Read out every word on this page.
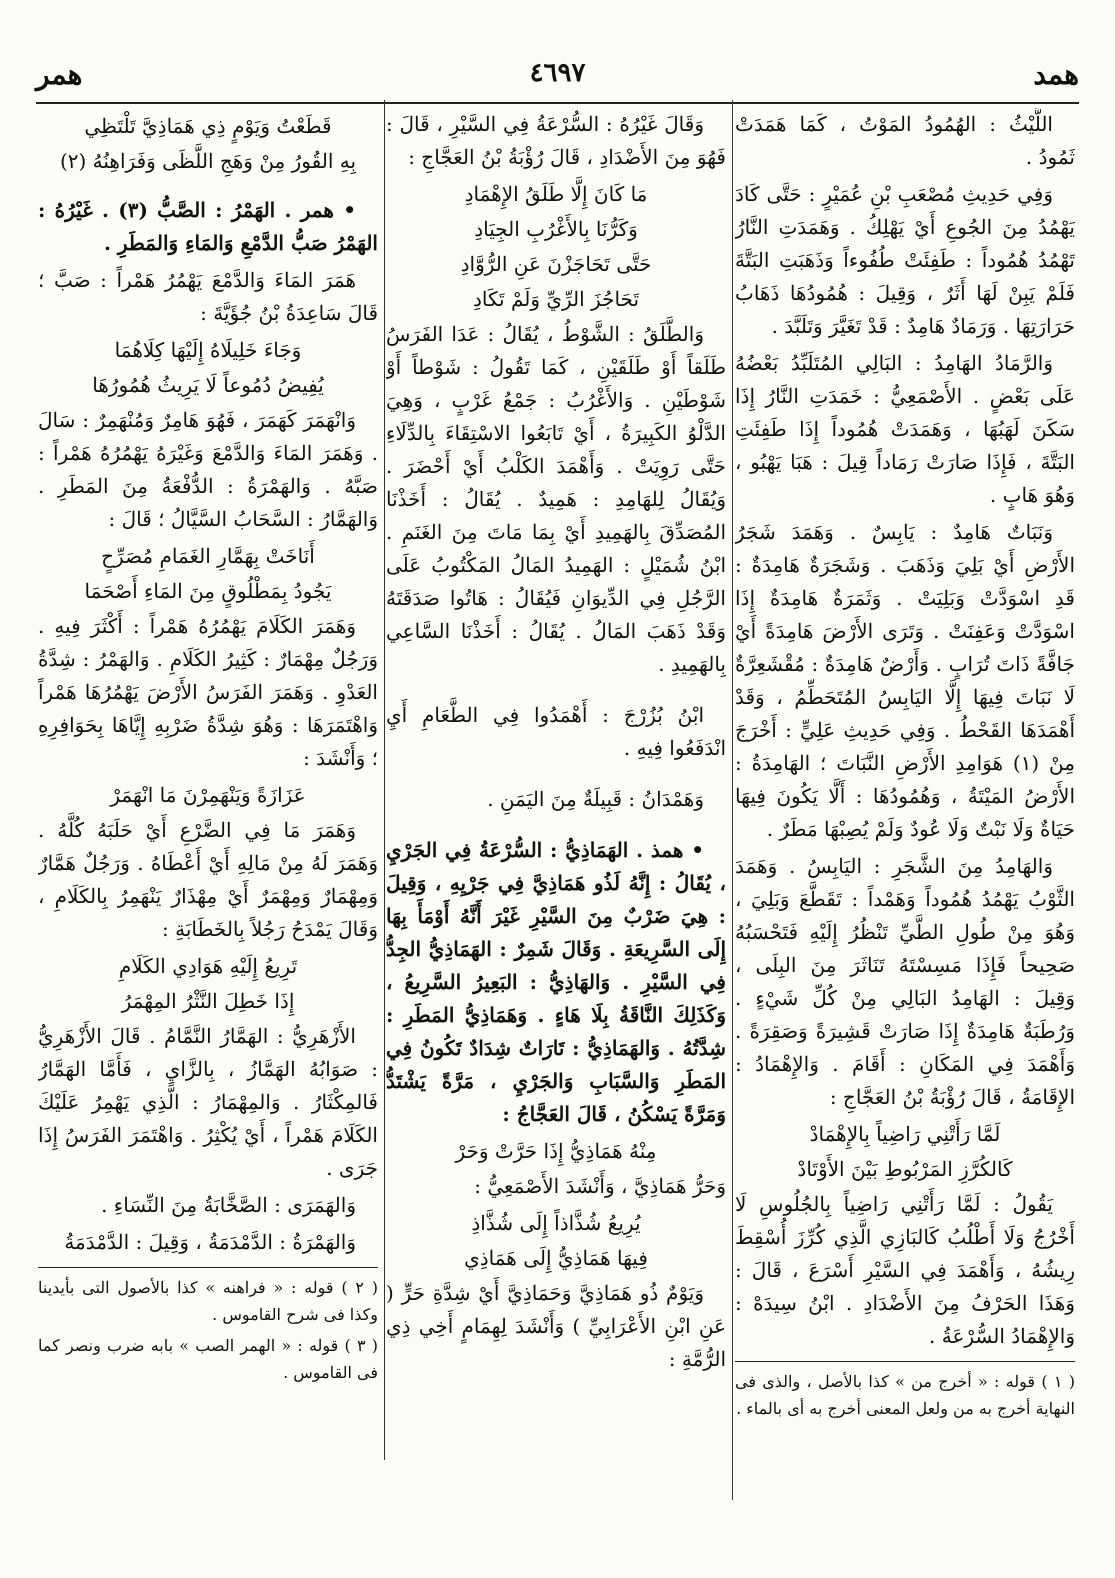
همد
٤٦٩٧
همر

اللَّيْثُ : الهُمُودُ المَوْتُ ، كَمَا هَمَدَتْ ثَمُودُ .

وَفِي حَدِيثِ مُصْعَبِ بْنِ عُمَيْرٍ : حَتَّى كَادَ يَهْمُدُ مِنَ الجُوعِ أَيْ يَهْلِكُ . وَهَمَدَتِ النَّارُ تَهْمُدُ هُمُوداً : طَفِئَتْ طُفُوءاً وَذَهَبَتِ البَتَّةَ فَلَمْ يَبِنْ لَهَا أَثَرٌ ، وَقِيلَ : هُمُودُهَا ذَهَابُ حَرَارَتِهَا . وَرَمَادٌ هَامِدٌ : قَدْ تَغَيَّرَ وَتَلَبَّدَ .

وَالرَّمَادُ الهَامِدُ : البَالِي المُتَلَبِّدُ بَعْضُهُ عَلَى بَعْضٍ . الأَصْمَعِيُّ : خَمَدَتِ النَّارُ إِذَا سَكَنَ لَهَبُهَا ، وَهَمَدَتْ هُمُوداً إِذَا طَفِئَتِ البَتَّةَ ، فَإِذَا صَارَتْ رَمَاداً قِيلَ : هَبَا يَهْبُو ، وَهُوَ هَابٍ .

وَنَبَاتٌ هَامِدٌ : يَابِسٌ . وَهَمَدَ شَجَرُ الأَرْضِ أَيْ بَلِيَ وَذَهَبَ . وَشَجَرَةٌ هَامِدَةٌ : قَدِ اسْوَدَّتْ وَبَلِيَتْ . وَثَمَرَةٌ هَامِدَةٌ إِذَا اسْوَدَّتْ وَعَفِنَتْ . وَتَرَى الأَرْضَ هَامِدَةً أَيْ جَافَّةً ذَاتَ تُرَابٍ . وَأَرْضٌ هَامِدَةٌ : مُقْشَعِرَّةٌ لَا نَبَاتَ فِيهَا إِلَّا اليَابِسُ المُتَحَطِّمُ ، وَقَدْ أَهْمَدَهَا القَحْطُ . وَفِي حَدِيثِ عَلِيٍّ : أَخْرَجَ مِنْ (١) هَوَامِدِ الأَرْضِ النَّبَاتَ ؛ الهَامِدَةُ : الأَرْضُ المَيْتَةُ ، وَهُمُودُهَا : أَلَّا يَكُونَ فِيهَا حَيَاةٌ وَلَا نَبْتٌ وَلَا عُودٌ وَلَمْ يُصِبْهَا مَطَرٌ .

وَالهَامِدُ مِنَ الشَّجَرِ : اليَابِسُ . وَهَمَدَ الثَّوْبُ يَهْمُدُ هُمُوداً وَهَمْداً : تَقَطَّعَ وَبَلِيَ ، وَهُوَ مِنْ طُولِ الطَّيِّ تَنْظُرُ إِلَيْهِ فَتَحْسَبُهُ صَحِيحاً فَإِذَا مَسِسْتَهُ تَنَاثَرَ مِنَ البِلَى ، وَقِيلَ : الهَامِدُ البَالِي مِنْ كُلِّ شَيْءٍ . وَرُطَبَةٌ هَامِدَةٌ إِذَا صَارَتْ قَشِيرَةً وَصَقِرَةً . وَأَهْمَدَ فِي المَكَانِ : أَقَامَ . وَالإِهْمَادُ : الإِقَامَةُ ، قَالَ رُؤْبَةُ بْنُ العَجَّاجِ :

لَمَّا رَأَتْنِي رَاضِياً بِالإِهْمَادْ
كَالكُرَّزِ المَرْبُوطِ بَيْنَ الأَوْتَادْ

يَقُولُ : لَمَّا رَأَتْنِي رَاضِياً بِالجُلُوسِ لَا أَخْرُجُ وَلَا أَطْلُبُ كَالبَازِي الَّذِي كُرِّزَ أُسْقِطَ رِيشُهُ ، وَأَهْمَدَ فِي السَّيْرِ أَسْرَعَ ، قَالَ : وَهَذَا الحَرْفُ مِنَ الأَضْدَادِ . ابْنُ سِيدَهْ : وَالإِهْمَادُ السُّرْعَةُ .

( ١ ) قوله : « أخرج من » كذا بالأصل ، والذى فى النهاية أخرج به من ولعل المعنى أخرج به أى بالماء .

وَقَالَ غَيْرُهُ : السُّرْعَةُ فِي السَّيْرِ ، قَالَ : فَهُوَ مِنَ الأَضْدَادِ ، قَالَ رُؤْبَةُ بْنُ العَجَّاجِ :

مَا كَانَ إِلَّا طَلَقُ الإِهْمَادِ
وَكَرُّنَا بِالأَغْرُبِ الجِيَادِ
حَتَّى تَحَاجَزْنَ عَنِ الرُّوَّادِ
تَحَاجُزَ الرِّيِّ وَلَمْ تَكَادِ

وَالطَّلَقُ : الشَّوْطُ ، يُقَالُ : عَدَا الفَرَسُ طَلَقاً أَوْ طَلَقَيْنِ ، كَمَا تَقُولُ : شَوْطاً أَوْ شَوْطَيْنِ . وَالأَغْرُبُ : جَمْعُ غَرْبٍ ، وَهِيَ الدَّلْوُ الكَبِيرَةُ ، أَيْ تَابَعُوا الاسْتِقَاءَ بِالدِّلَاءِ حَتَّى رَوِيَتْ . وَأَهْمَدَ الكَلْبُ أَيْ أَحْضَرَ . وَيُقَالُ لِلهَامِدِ : هَمِيدٌ . يُقَالُ : أَخَذْنَا المُصَدِّقَ بِالهَمِيدِ أَيْ بِمَا مَاتَ مِنَ الغَنَمِ . ابْنُ شُمَيْلٍ : الهَمِيدُ المَالُ المَكْتُوبُ عَلَى الرَّجُلِ فِي الدِّيوَانِ فَيُقَالُ : هَاتُوا صَدَقَتَهُ وَقَدْ ذَهَبَ المَالُ . يُقَالُ : أَخَذْنَا السَّاعِي بِالهَمِيدِ .

ابْنُ بُزُرْجَ : أَهْمَدُوا فِي الطَّعَامِ أَيِ انْدَفَعُوا فِيهِ .

وَهَمْدَانُ : قَبِيلَةٌ مِنَ اليَمَنِ .

• همذ . الهَمَاذِيُّ : السُّرْعَةُ فِي الجَرْيِ ، يُقَالُ : إِنَّهُ لَذُو هَمَاذِيَّ فِي جَرْيِهِ ، وَقِيلَ : هِيَ ضَرْبٌ مِنَ السَّيْرِ غَيْرَ أَنَّهُ أَوْمَأَ بِهَا إِلَى السَّرِيعَةِ . وَقَالَ شَمِرٌ : الهَمَاذِيُّ الجِدُّ فِي السَّيْرِ . وَالهَاذِيُّ : البَعِيرُ السَّرِيعُ ، وَكَذَلِكَ النَّاقَةُ بِلَا هَاءٍ . وَهَمَاذِيُّ المَطَرِ : شِدَّتُهُ . وَالهَمَاذِيُّ : تَارَاتٌ شِدَادٌ تَكُونُ فِي المَطَرِ وَالسَّبَابِ وَالجَرْيِ ، مَرَّةً يَشْتَدُّ وَمَرَّةً يَسْكُنُ ، قَالَ العَجَّاجُ :

مِنْهُ هَمَاذِيُّ إِذَا حَرَّتْ وَحَرْ

وَحَرُّ هَمَاذِيَّ ، وَأَنْشَدَ الأَصْمَعِيُّ :

يُرِيعُ شُذَّاذاً إِلَى شُذَّاذِ
فِيهَا هَمَاذِيُّ إِلَى هَمَاذِي

وَيَوْمٌ ذُو هَمَاذِيَّ وَحَمَاذِيَّ أَيْ شِدَّةِ حَرٍّ ( عَنِ ابْنِ الأَعْرَابِيِّ ) وَأَنْشَدَ لِهِمَامٍ أَخِي ذِي الرُّمَّةِ :

قَطَعْتُ وَيَوْمٍ ذِي هَمَاذِيَّ تَلْتَظِي
بِهِ القُورُ مِنْ وَهَجِ اللَّظَى وَفَرَاهِنُهُ (٢)

• همر . الهَمْرُ : الصَّبُّ (٣) . غَيْرُهُ : الهَمْرُ صَبُّ الدَّمْعِ وَالمَاءِ وَالمَطَرِ .

هَمَرَ المَاءَ وَالدَّمْعَ يَهْمُرُ هَمْراً : صَبَّ ؛ قَالَ سَاعِدَةُ بْنُ جُؤَيَّةَ :

وَجَاءَ خَلِيلَاهُ إِلَيْهَا كِلَاهُمَا
يُفِيضُ دُمُوعاً لَا يَرِيثُ هُمُورُهَا

وَانْهَمَرَ كَهَمَرَ ، فَهُوَ هَامِرٌ وَمُنْهَمِرٌ : سَالَ . وَهَمَرَ المَاءَ وَالدَّمْعَ وَغَيْرَهُ يَهْمُرُهُ هَمْراً : صَبَّهُ . وَالهَمْرَةُ : الدُّفْعَةُ مِنَ المَطَرِ . وَالهَمَّارُ : السَّحَابُ السَّيَّالُ ؛ قَالَ :

أَنَاخَتْ بِهَمَّارِ الغَمَامِ مُصَرِّحٍ
يَجُودُ بِمَطْلُوقٍ مِنَ المَاءِ أَصْحَمَا

وَهَمَرَ الكَلَامَ يَهْمُرُهُ هَمْراً : أَكْثَرَ فِيهِ . وَرَجُلٌ مِهْمَارٌ : كَثِيرُ الكَلَامِ . وَالهَمْرُ : شِدَّةُ العَدْوِ . وَهَمَرَ الفَرَسُ الأَرْضَ يَهْمُرُهَا هَمْراً وَاهْتَمَرَهَا : وَهُوَ شِدَّةُ ضَرْبِهِ إِيَّاهَا بِحَوَافِرِهِ ؛ وَأَنْشَدَ :

عَزَازَةً وَيَنْهَمِرْنَ مَا انْهَمَرْ

وَهَمَرَ مَا فِي الضَّرْعِ أَيْ حَلَبَهُ كُلَّهُ . وَهَمَرَ لَهُ مِنْ مَالِهِ أَيْ أَعْطَاهُ . وَرَجُلٌ هَمَّارٌ وَمِهْمَارٌ وَمِهْمَرٌ أَيْ مِهْذَارٌ يَنْهَمِرُ بِالكَلَامِ ، وَقَالَ يَمْدَحُ رَجُلاً بِالخَطَابَةِ :

تَرِيعُ إِلَيْهِ هَوَادِي الكَلَامِ
إِذَا خَطِلَ النَّثْرُ المِهْمَرُ

الأَزْهَرِيُّ : الهَمَّارُ النَّمَّامُ . قَالَ الأَزْهَرِيُّ : صَوَابُهُ الهَمَّازُ ، بِالزَّايِ ، فَأَمَّا الهَمَّارُ فَالمِكْثَارُ . وَالمِهْمَارُ : الَّذِي يَهْمِرُ عَلَيْكَ الكَلَامَ هَمْراً ، أَيْ يُكْثِرُ . وَاهْتَمَرَ الفَرَسُ إِذَا جَرَى .

وَالهَمَرَى : الصَّخَّابَةُ مِنَ النِّسَاءِ .

وَالهَمْرَةُ : الدَّمْدَمَةُ ، وَقِيلَ : الدَّمْدَمَةُ

( ٢ ) قوله : « فراهنه » كذا بالأصول التى بأيدينا وكذا فى شرح القاموس .

( ٣ ) قوله : « الهمر الصب » بابه ضرب ونصر كما فى القاموس .
